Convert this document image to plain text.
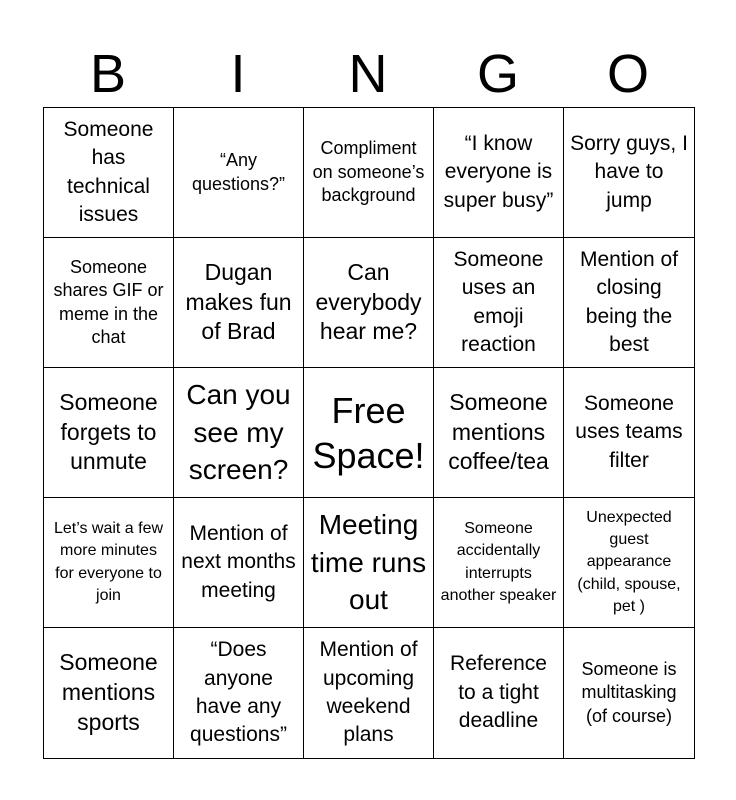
B	I	N	G	O
Someone has technical issues
“Any questions?”
Compliment on someone’s background
“I know everyone is super busy”
Sorry guys, I have to jump
Someone shares GIF or meme in the chat
Dugan makes fun of Brad
Can everybody hear me?
Someone uses an emoji reaction
Mention of closing being the best
Someone forgets to unmute
Can you see my screen?
Free Space!
Someone mentions coffee/tea
Someone uses teams filter
Let’s wait a few more minutes for everyone to join
Mention of next months meeting
Meeting time runs out
Someone accidentally interrupts another speaker
Unexpected guest appearance (child, spouse, pet )
Someone mentions sports
“Does anyone have any questions”
Mention of upcoming weekend plans
Reference to a tight deadline
Someone is multitasking (of course)
